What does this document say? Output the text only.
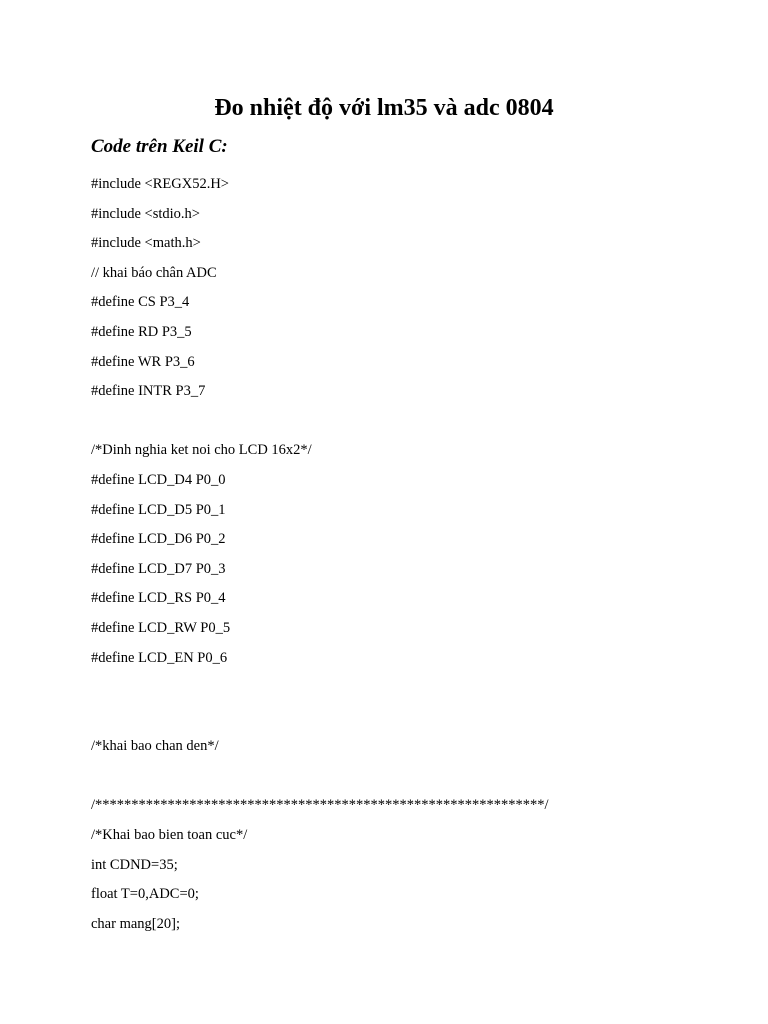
Đo nhiệt độ với lm35 và adc 0804
Code trên Keil C:
#include <REGX52.H>
#include <stdio.h>
#include <math.h>
// khai báo chân ADC
#define CS P3_4
#define RD P3_5
#define WR P3_6
#define INTR P3_7
/*Dinh nghia ket noi cho LCD 16x2*/
#define LCD_D4 P0_0
#define LCD_D5 P0_1
#define LCD_D6 P0_2
#define LCD_D7 P0_3
#define LCD_RS P0_4
#define LCD_RW P0_5
#define LCD_EN P0_6
/*khai bao chan den*/
/**************************************************************/
/*Khai bao bien toan cuc*/
int CDND=35;
float T=0,ADC=0;
char mang[20];
